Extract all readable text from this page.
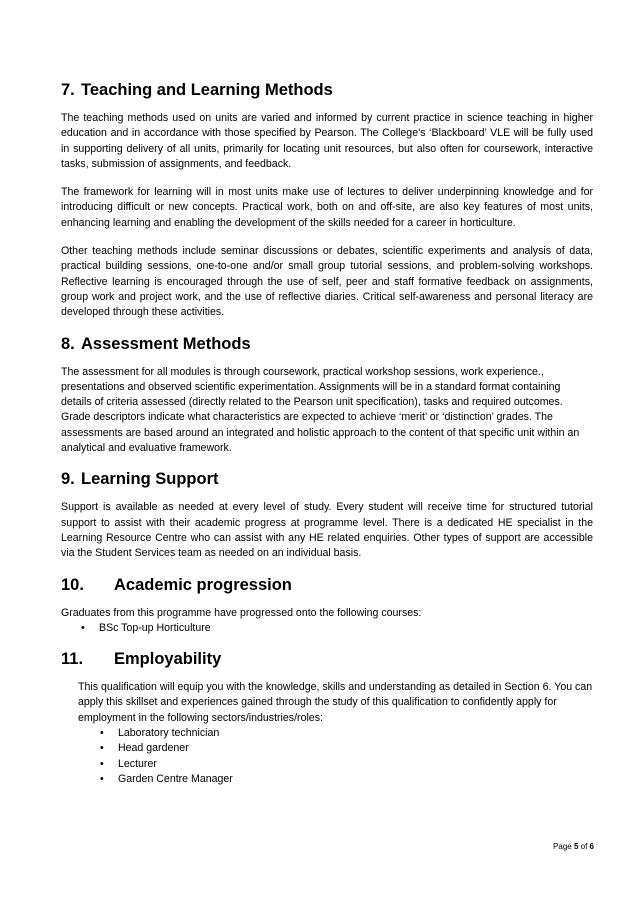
7. Teaching and Learning Methods

The teaching methods used on units are varied and informed by current practice in science teaching in higher education and in accordance with those specified by Pearson. The College’s ‘Blackboard’ VLE will be fully used in supporting delivery of all units, primarily for locating unit resources, but also often for coursework, interactive tasks, submission of assignments, and feedback.

The framework for learning will in most units make use of lectures to deliver underpinning knowledge and for introducing difficult or new concepts. Practical work, both on and off-site, are also key features of most units, enhancing learning and enabling the development of the skills needed for a career in horticulture.

Other teaching methods include seminar discussions or debates, scientific experiments and analysis of data, practical building sessions, one-to-one and/or small group tutorial sessions, and problem-solving workshops. Reflective learning is encouraged through the use of self, peer and staff formative feedback on assignments, group work and project work, and the use of reflective diaries. Critical self-awareness and personal literacy are developed through these activities.

8. Assessment Methods

The assessment for all modules is through coursework, practical workshop sessions, work experience., presentations and observed scientific experimentation. Assignments will be in a standard format containing details of criteria assessed (directly related to the Pearson unit specification), tasks and required outcomes. Grade descriptors indicate what characteristics are expected to achieve ‘merit’ or ‘distinction’ grades. The assessments are based around an integrated and holistic approach to the content of that specific unit within an analytical and evaluative framework.

9. Learning Support

Support is available as needed at every level of study. Every student will receive time for structured tutorial support to assist with their academic progress at programme level. There is a dedicated HE specialist in the Learning Resource Centre who can assist with any HE related enquiries. Other types of support are accessible via the Student Services team as needed on an individual basis.

10.	Academic progression

Graduates from this programme have progressed onto the following courses:

• BSc Top-up Horticulture
11.	Employability

This qualification will equip you with the knowledge, skills and understanding as detailed in Section 6. You can apply this skillset and experiences gained through the study of this qualification to confidently apply for employment in the following sectors/industries/roles:

• Laboratory technician
• Head gardener
• Lecturer
• Garden Centre Manager
Page 5 of 6
